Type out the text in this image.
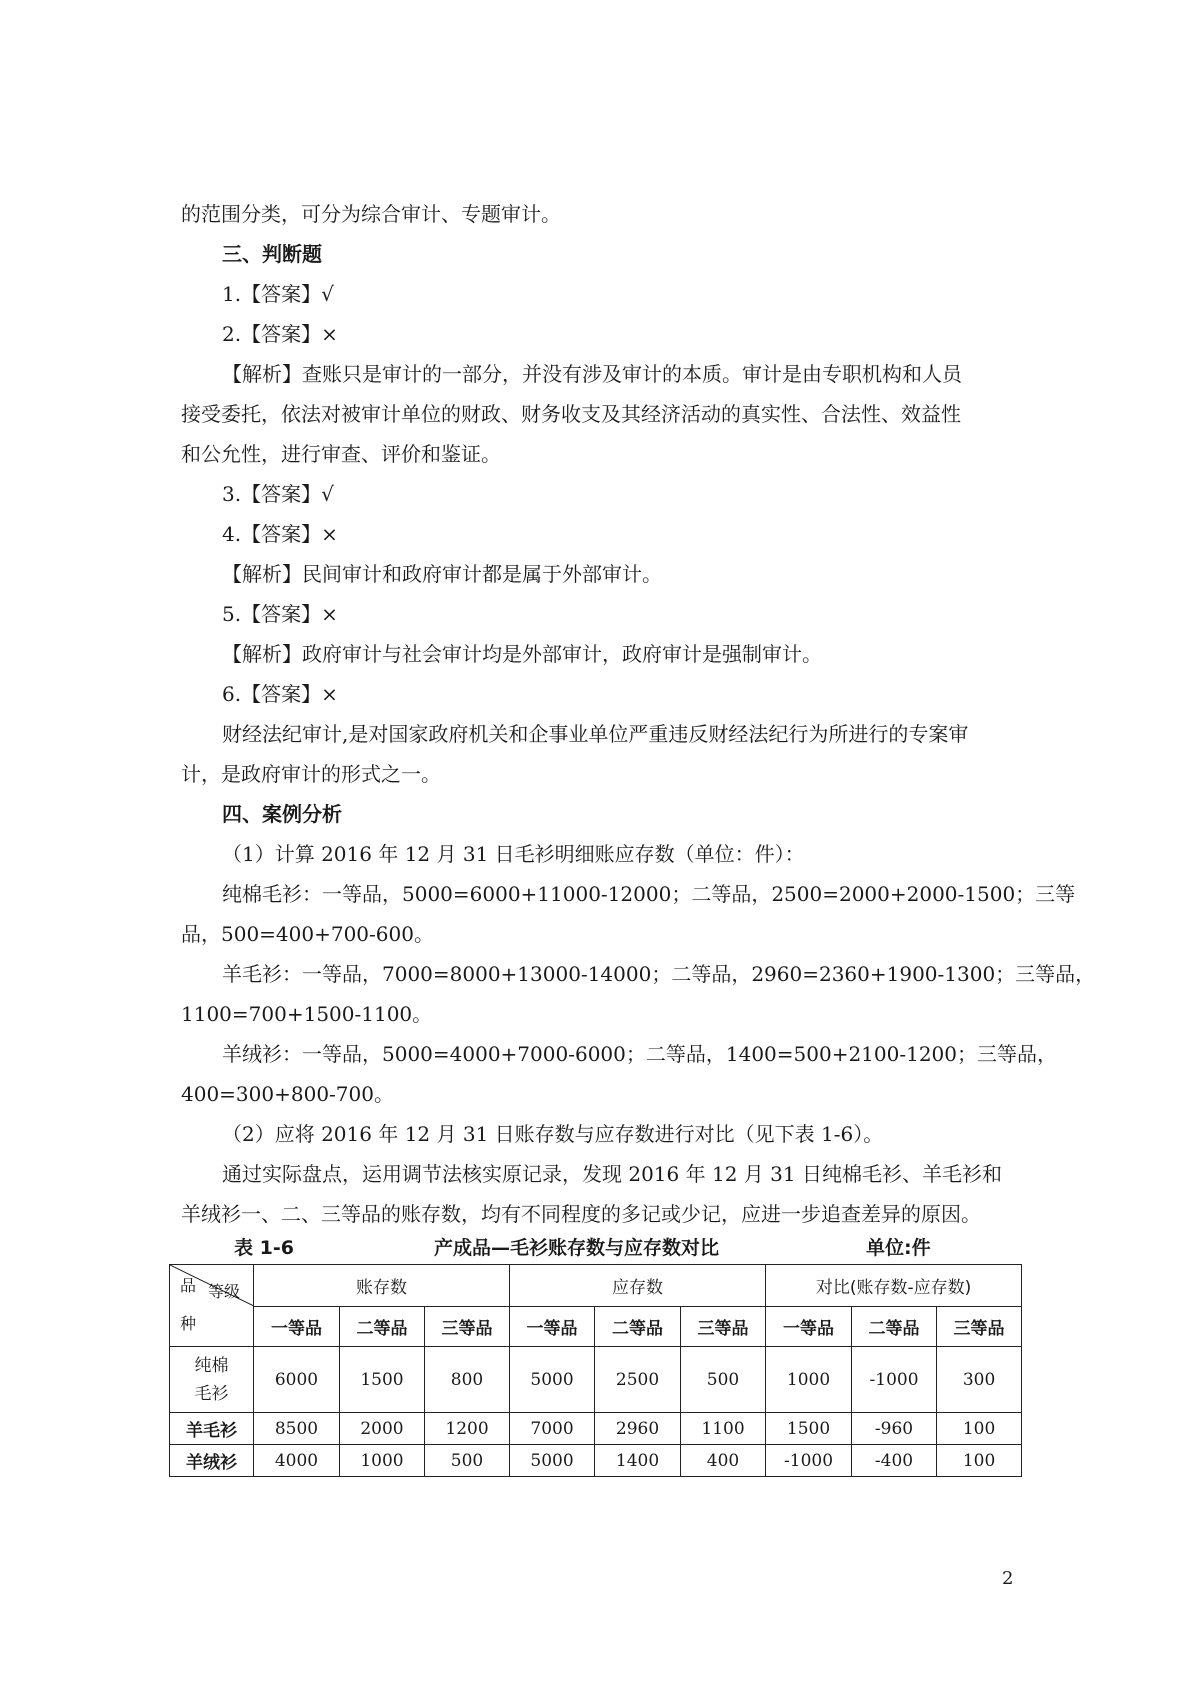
的范围分类，可分为综合审计、专题审计。
三、判断题
1.【答案】√
2.【答案】×
【解析】查账只是审计的一部分，并没有涉及审计的本质。审计是由专职机构和人员
接受委托，依法对被审计单位的财政、财务收支及其经济活动的真实性、合法性、效益性
和公允性，进行审查、评价和鉴证。
3.【答案】√
4.【答案】×
【解析】民间审计和政府审计都是属于外部审计。
5.【答案】×
【解析】政府审计与社会审计均是外部审计，政府审计是强制审计。
6.【答案】×
财经法纪审计,是对国家政府机关和企事业单位严重违反财经法纪行为所进行的专案审
计，是政府审计的形式之一。
四、案例分析
（1）计算 2016 年 12 月 31 日毛衫明细账应存数（单位：件）：
纯棉毛衫：一等品，5000=6000+11000-12000；二等品，2500=2000+2000-1500；三等
品，500=400+700-600。
羊毛衫：一等品，7000=8000+13000-14000；二等品，2960=2360+1900-1300；三等品，
1100=700+1500-1100。
羊绒衫：一等品，5000=4000+7000-6000；二等品，1400=500+2100-1200；三等品，
400=300+800-700。
（2）应将 2016 年 12 月 31 日账存数与应存数进行对比（见下表 1-6）。
通过实际盘点，运用调节法核实原记录，发现 2016 年 12 月 31 日纯棉毛衫、羊毛衫和
羊绒衫一、二、三等品的账存数，均有不同程度的多记或少记，应进一步追查差异的原因。
表 1-6	产成品—毛衫账存数与应存数对比	单位:件
品 等级
种	账存数			应存数			对比(账存数-应存数)		
	一等品	二等品	三等品	一等品	二等品	三等品	一等品	二等品	三等品

纯棉
毛衫	6000	1500	800	5000	2500	500	1000	-1000	300
羊毛衫	8500	2000	1200	7000	2960	1100	1500	-960	100
羊绒衫	4000	1000	500	5000	1400	400	-1000	-400	100
2
